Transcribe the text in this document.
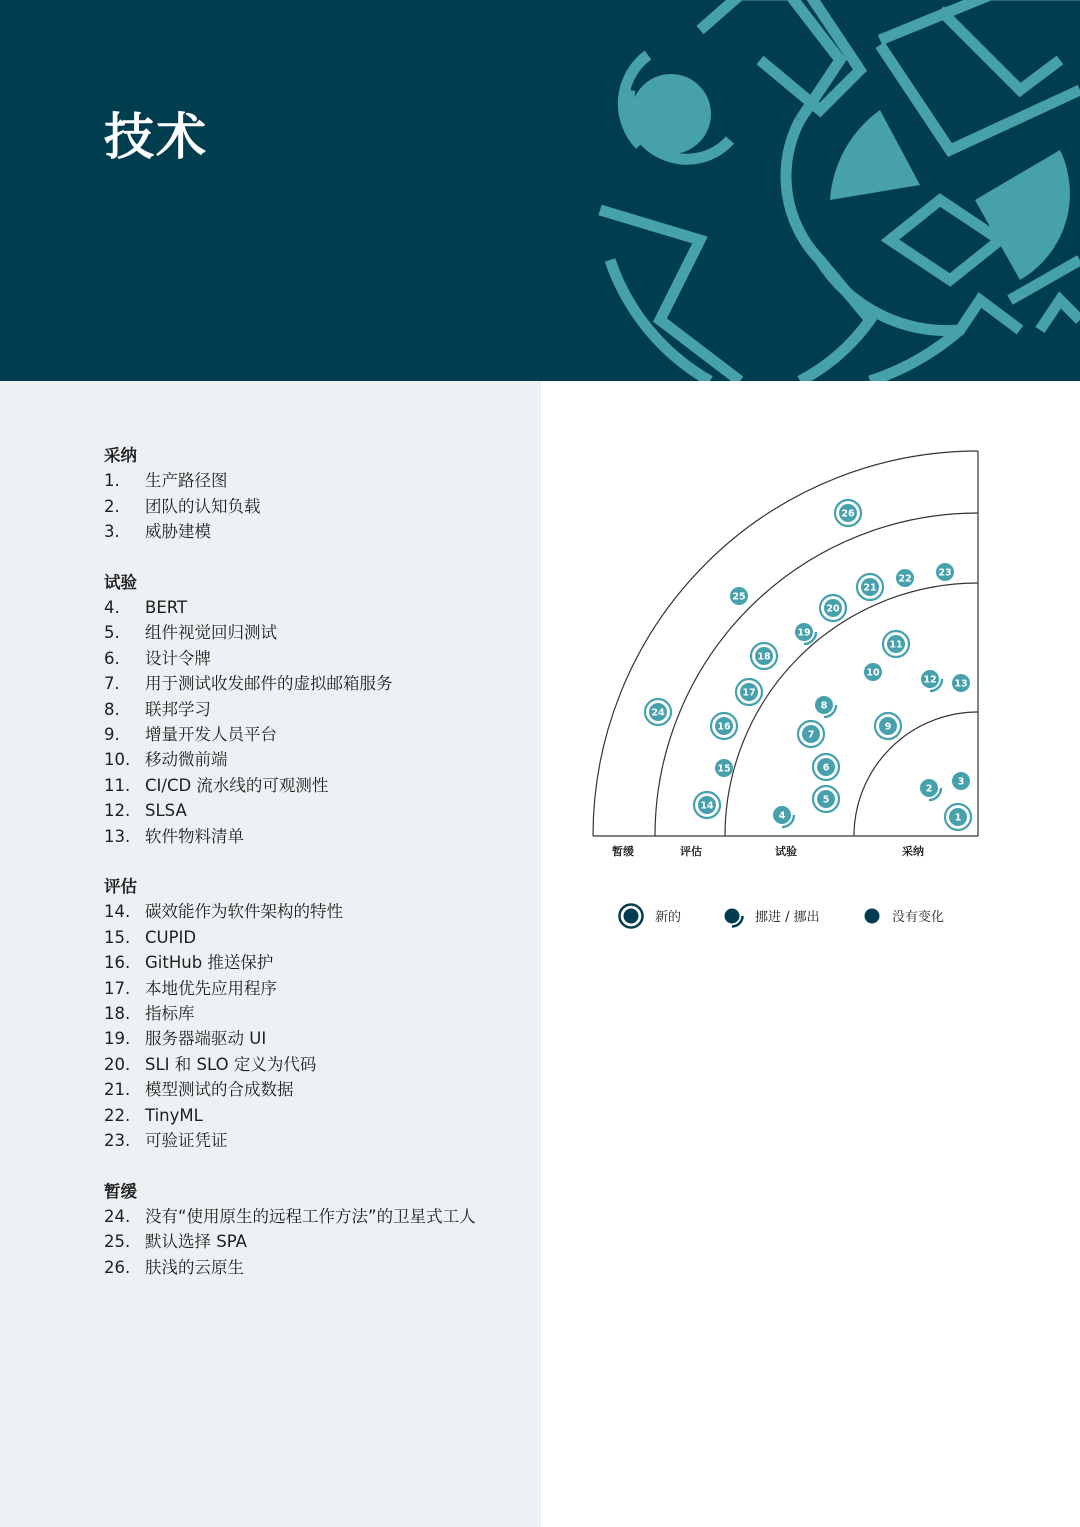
技术
采纳
1.	生产路径图
2.	团队的认知负载
3.	威胁建模
试验
4.	BERT
5.	组件视觉回归测试
6.	设计令牌
7.	用于测试收发邮件的虚拟邮箱服务
8.	联邦学习
9.	增量开发人员平台
10. 移动微前端
11. CI/CD 流水线的可观测性
12. SLSA
13. 软件物料清单
评估
14. 碳效能作为软件架构的特性
15. CUPID
16. GitHub 推送保护
17. 本地优先应用程序
18. 指标库
19. 服务器端驱动 UI
20. SLI 和 SLO 定义为代码
21. 模型测试的合成数据
22. TinyML
23. 可验证凭证
暂缓
24. 没有“使用原生的远程工作方法”的卫星式工人
25. 默认选择 SPA
26. 肤浅的云原生
暂缓	评估	试验	采纳
1
2
3
4
5
6
7
8
9
10
11
12 13
14
15
16
17
18
19
20
21
22
23
24
25
26
新的	挪进 / 挪出	没有变化
